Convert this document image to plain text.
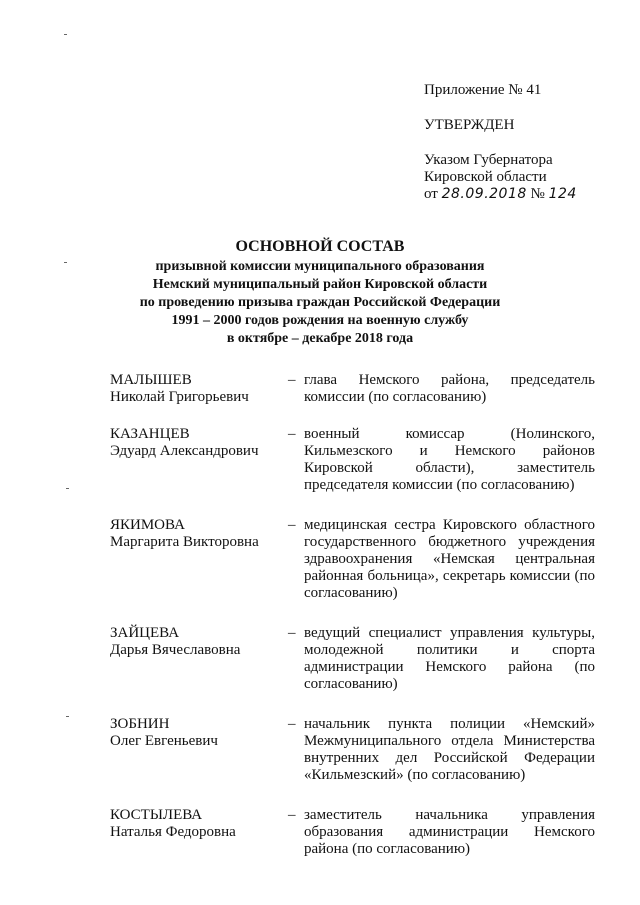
Приложение № 41
УТВЕРЖДЕН
Указом Губернатора
Кировской области
от 28.09.2018 № 124
ОСНОВНОЙ СОСТАВ
призывной комиссии муниципального образования
Немский муниципальный район Кировской области
по проведению призыва граждан Российской Федерации
1991 – 2000 годов рождения на военную службу
в октябре – декабре 2018 года
МАЛЫШЕВ
Николай Григорьевич
– глава Немского района, председатель комиссии (по согласованию)
КАЗАНЦЕВ
Эдуард Александрович
– военный комиссар (Нолинского, Кильмезского и Немского районов Кировской области), заместитель председателя комиссии (по согласованию)
ЯКИМОВА
Маргарита Викторовна
– медицинская сестра Кировского областного государственного бюджетного учреждения здравоохранения «Немская центральная районная больница», секретарь комиссии (по согласованию)
ЗАЙЦЕВА
Дарья Вячеславовна
– ведущий специалист управления культуры, молодежной политики и спорта администрации Немского района (по согласованию)
ЗОБНИН
Олег Евгеньевич
– начальник пункта полиции «Немский» Межмуниципального отдела Министерства внутренних дел Российской Федерации «Кильмезский» (по согласованию)
КОСТЫЛЕВА
Наталья Федоровна
– заместитель начальника управления образования администрации Немского района (по согласованию)
